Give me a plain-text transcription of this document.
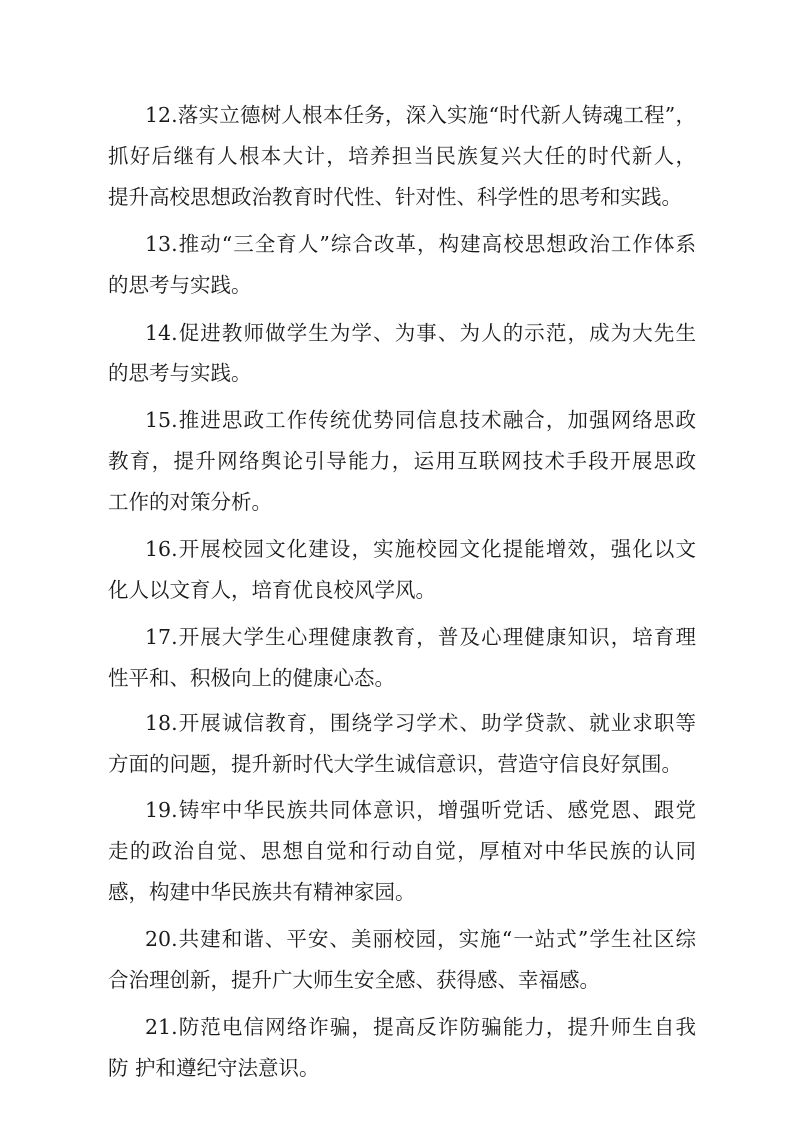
12.落实立德树人根本任务，深入实施“时代新人铸魂工程”，
抓好后继有人根本大计，培养担当民族复兴大任的时代新人，
提升高校思想政治教育时代性、针对性、科学性的思考和实践。
13.推动“三全育人”综合改革，构建高校思想政治工作体系
的思考与实践。
14.促进教师做学生为学、为事、为人的示范，成为大先生
的思考与实践。
15.推进思政工作传统优势同信息技术融合，加强网络思政
教育，提升网络舆论引导能力，运用互联网技术手段开展思政
工作的对策分析。
16.开展校园文化建设，实施校园文化提能增效，强化以文
化人以文育人，培育优良校风学风。
17.开展大学生心理健康教育，普及心理健康知识，培育理
性平和、积极向上的健康心态。
18.开展诚信教育，围绕学习学术、助学贷款、就业求职等
方面的问题，提升新时代大学生诚信意识，营造守信良好氛围。
19.铸牢中华民族共同体意识，增强听党话、感党恩、跟党
走的政治自觉、思想自觉和行动自觉，厚植对中华民族的认同
感，构建中华民族共有精神家园。
20.共建和谐、平安、美丽校园，实施“一站式”学生社区综
合治理创新，提升广大师生安全感、获得感、幸福感。
21.防范电信网络诈骗，提高反诈防骗能力，提升师生自我
防 护和遵纪守法意识。
